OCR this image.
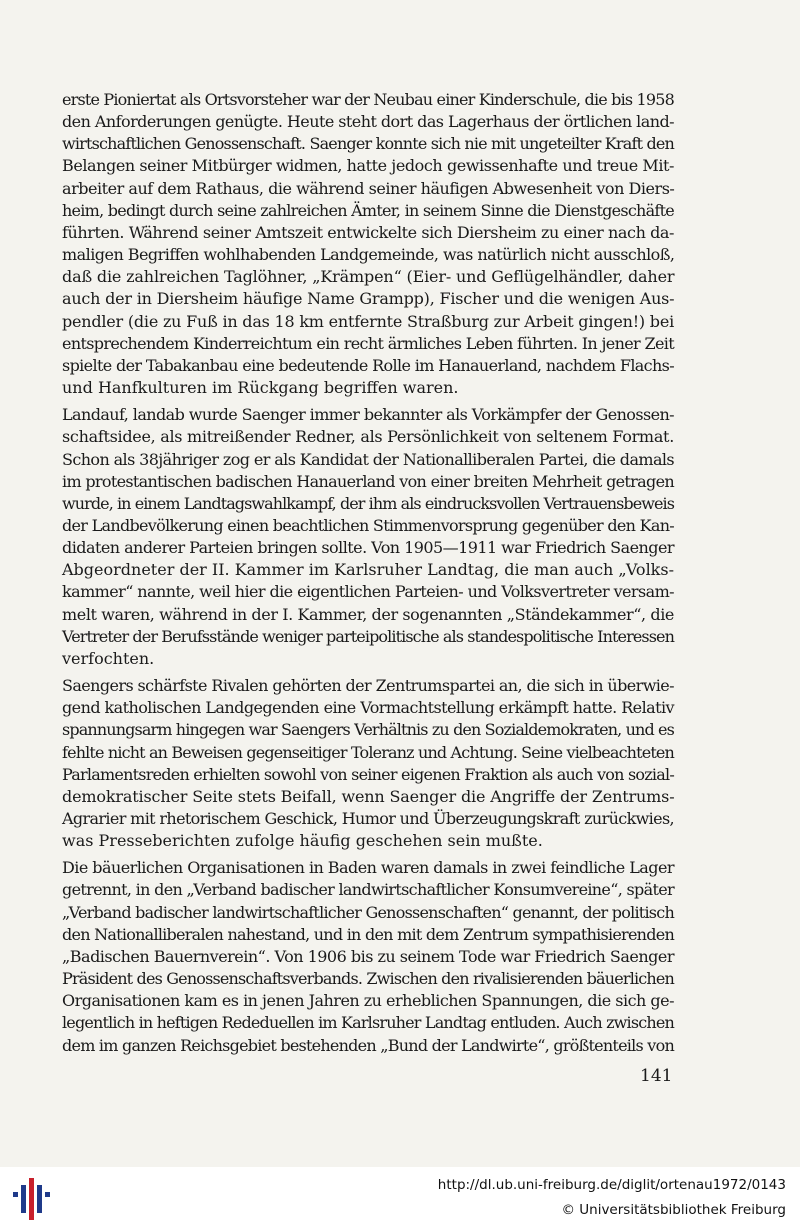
erste Pioniertat als Ortsvorsteher war der Neubau einer Kinderschule, die bis 1958
den Anforderungen genügte. Heute steht dort das Lagerhaus der örtlichen land-
wirtschaftlichen Genossenschaft. Saenger konnte sich nie mit ungeteilter Kraft den
Belangen seiner Mitbürger widmen, hatte jedoch gewissenhafte und treue Mit-
arbeiter auf dem Rathaus, die während seiner häufigen Abwesenheit von Diers-
heim, bedingt durch seine zahlreichen Ämter, in seinem Sinne die Dienstgeschäfte
führten. Während seiner Amtszeit entwickelte sich Diersheim zu einer nach da-
maligen Begriffen wohlhabenden Landgemeinde, was natürlich nicht ausschloß,
daß die zahlreichen Taglöhner, „Krämpen“ (Eier- und Geflügelhändler, daher
auch der in Diersheim häufige Name Grampp), Fischer und die wenigen Aus-
pendler (die zu Fuß in das 18 km entfernte Straßburg zur Arbeit gingen!) bei
entsprechendem Kinderreichtum ein recht ärmliches Leben führten. In jener Zeit
spielte der Tabakanbau eine bedeutende Rolle im Hanauerland, nachdem Flachs-
und Hanfkulturen im Rückgang begriffen waren.

Landauf, landab wurde Saenger immer bekannter als Vorkämpfer der Genossen-
schaftsidee, als mitreißender Redner, als Persönlichkeit von seltenem Format.
Schon als 38jähriger zog er als Kandidat der Nationalliberalen Partei, die damals
im protestantischen badischen Hanauerland von einer breiten Mehrheit getragen
wurde, in einem Landtagswahlkampf, der ihm als eindrucksvollen Vertrauensbeweis
der Landbevölkerung einen beachtlichen Stimmenvorsprung gegenüber den Kan-
didaten anderer Parteien bringen sollte. Von 1905—1911 war Friedrich Saenger
Abgeordneter der II. Kammer im Karlsruher Landtag, die man auch „Volks-
kammer“ nannte, weil hier die eigentlichen Parteien- und Volksvertreter versam-
melt waren, während in der I. Kammer, der sogenannten „Ständekammer“, die
Vertreter der Berufsstände weniger parteipolitische als standespolitische Interessen
verfochten.

Saengers schärfste Rivalen gehörten der Zentrumspartei an, die sich in überwie-
gend katholischen Landgegenden eine Vormachtstellung erkämpft hatte. Relativ
spannungsarm hingegen war Saengers Verhältnis zu den Sozialdemokraten, und es
fehlte nicht an Beweisen gegenseitiger Toleranz und Achtung. Seine vielbeachteten
Parlamentsreden erhielten sowohl von seiner eigenen Fraktion als auch von sozial-
demokratischer Seite stets Beifall, wenn Saenger die Angriffe der Zentrums-
Agrarier mit rhetorischem Geschick, Humor und Überzeugungskraft zurückwies,
was Presseberichten zufolge häufig geschehen sein mußte.

Die bäuerlichen Organisationen in Baden waren damals in zwei feindliche Lager
getrennt, in den „Verband badischer landwirtschaftlicher Konsumvereine“, später
„Verband badischer landwirtschaftlicher Genossenschaften“ genannt, der politisch
den Nationalliberalen nahestand, und in den mit dem Zentrum sympathisierenden
„Badischen Bauernverein“. Von 1906 bis zu seinem Tode war Friedrich Saenger
Präsident des Genossenschaftsverbands. Zwischen den rivalisierenden bäuerlichen
Organisationen kam es in jenen Jahren zu erheblichen Spannungen, die sich ge-
legentlich in heftigen Rededuellen im Karlsruher Landtag entluden. Auch zwischen
dem im ganzen Reichsgebiet bestehenden „Bund der Landwirte“, größtenteils von

141
http://dl.ub.uni-freiburg.de/diglit/ortenau1972/0143
© Universitätsbibliothek Freiburg
